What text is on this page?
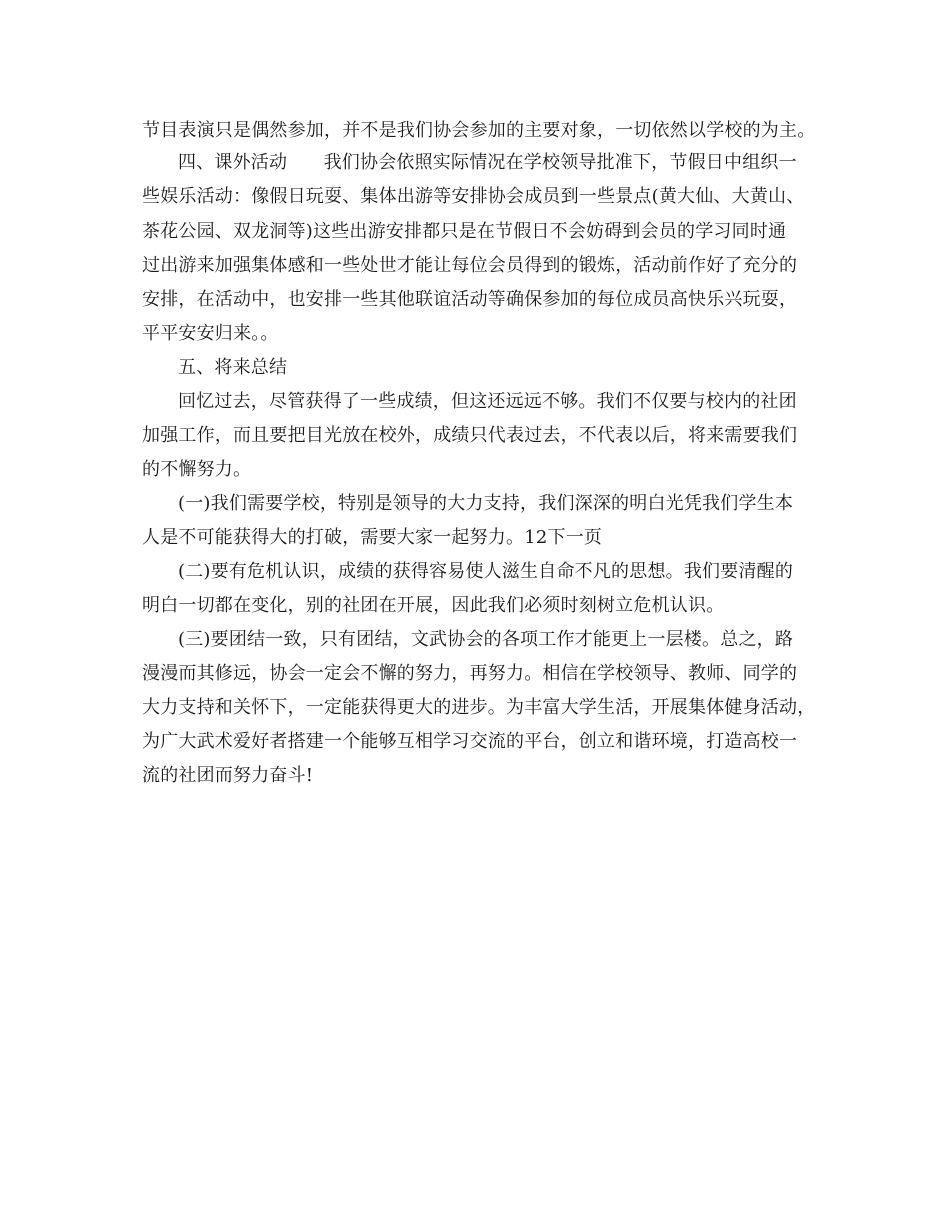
节目表演只是偶然参加，并不是我们协会参加的主要对象，一切依然以学校的为主。
四、课外活动　　我们协会依照实际情况在学校领导批准下，节假日中组织一
些娱乐活动：像假日玩耍、集体出游等安排协会成员到一些景点(黄大仙、大黄山、
茶花公园、双龙洞等)这些出游安排都只是在节假日不会妨碍到会员的学习同时通
过出游来加强集体感和一些处世才能让每位会员得到的锻炼，活动前作好了充分的
安排，在活动中，也安排一些其他联谊活动等确保参加的每位成员高快乐兴玩耍，
平平安安归来。。
五、将来总结
回忆过去，尽管获得了一些成绩，但这还远远不够。我们不仅要与校内的社团
加强工作，而且要把目光放在校外，成绩只代表过去，不代表以后，将来需要我们
的不懈努力。
(一)我们需要学校，特别是领导的大力支持，我们深深的明白光凭我们学生本
人是不可能获得大的打破，需要大家一起努力。12下一页
(二)要有危机认识，成绩的获得容易使人滋生自命不凡的思想。我们要清醒的
明白一切都在变化，别的社团在开展，因此我们必须时刻树立危机认识。
(三)要团结一致，只有团结，文武协会的各项工作才能更上一层楼。总之，路
漫漫而其修远，协会一定会不懈的努力，再努力。相信在学校领导、教师、同学的
大力支持和关怀下，一定能获得更大的进步。为丰富大学生活，开展集体健身活动，
为广大武术爱好者搭建一个能够互相学习交流的平台，创立和谐环境，打造高校一
流的社团而努力奋斗!
